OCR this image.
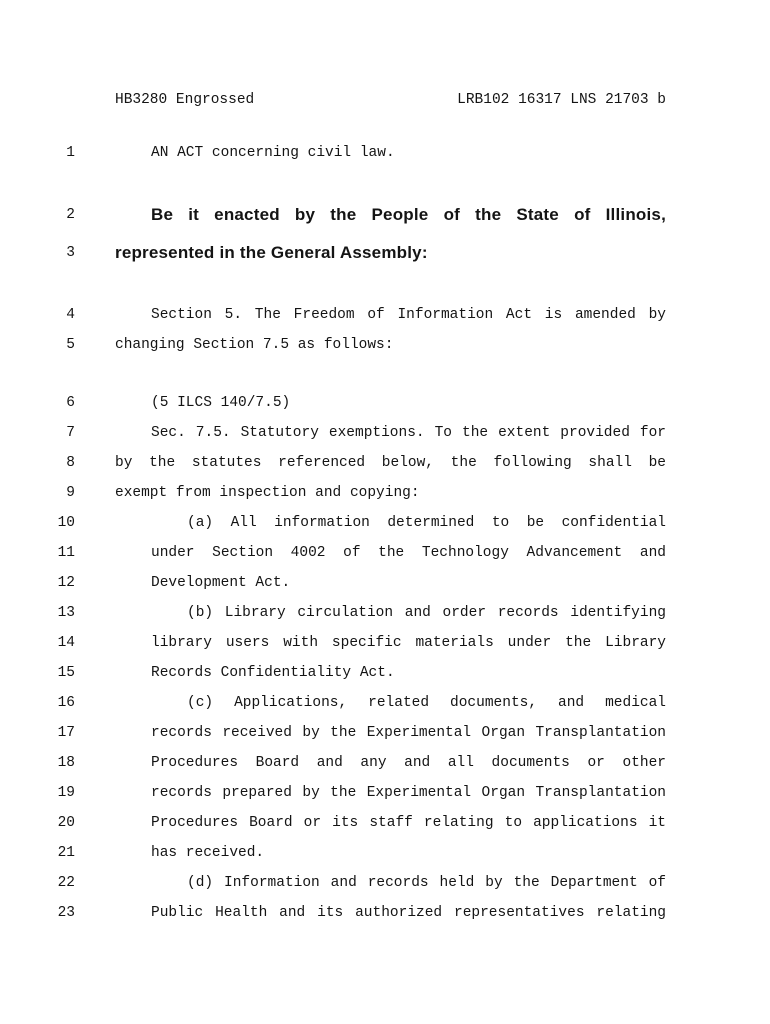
HB3280 Engrossed	LRB102 16317 LNS 21703 b
1	AN ACT concerning civil law.
2	Be it enacted by the People of the State of Illinois,
3 represented in the General Assembly:
4	Section 5. The Freedom of Information Act is amended by
5	changing Section 7.5 as follows:
6	(5 ILCS 140/7.5)
7	Sec. 7.5. Statutory exemptions. To the extent provided for
8	by the statutes referenced below, the following shall be
9	exempt from inspection and copying:
10	(a) All information determined to be confidential
11	under Section 4002 of the Technology Advancement and
12	Development Act.
13	(b) Library circulation and order records identifying
14	library users with specific materials under the Library
15	Records Confidentiality Act.
16	(c) Applications, related documents, and medical
17	records received by the Experimental Organ Transplantation
18	Procedures Board and any and all documents or other
19	records prepared by the Experimental Organ Transplantation
20	Procedures Board or its staff relating to applications it
21	has received.
22	(d) Information and records held by the Department of
23	Public Health and its authorized representatives relating
